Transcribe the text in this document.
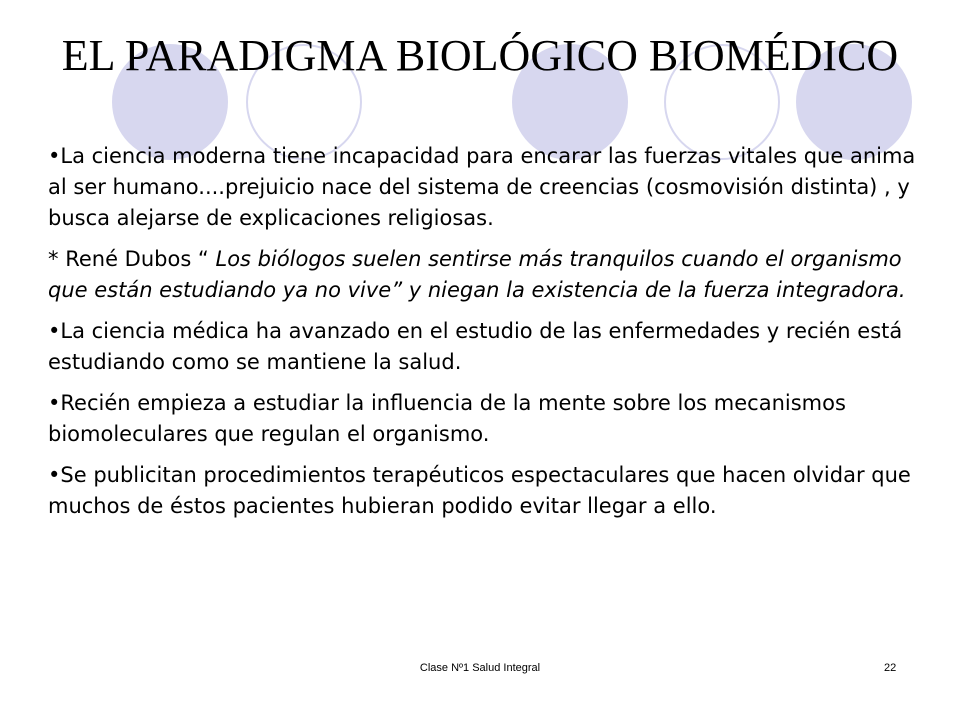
EL PARADIGMA BIOLÓGICO BIOMÉDICO

•La ciencia moderna tiene incapacidad para encarar las fuerzas vitales que anima al ser humano....prejuicio nace del sistema de creencias (cosmovisión distinta) , y busca alejarse de explicaciones religiosas.

* René Dubos “ Los biólogos suelen sentirse más tranquilos cuando el organismo que están estudiando ya no vive” y niegan la existencia de la fuerza integradora.

•La ciencia médica ha avanzado en el estudio de las enfermedades y recién está estudiando como se mantiene la salud.

•Recién empieza a estudiar la influencia de la mente sobre los mecanismos biomoleculares que regulan el organismo.

•Se publicitan procedimientos terapéuticos espectaculares que hacen olvidar que muchos de éstos pacientes hubieran podido evitar llegar a ello.

Clase Nº1 Salud Integral	22
